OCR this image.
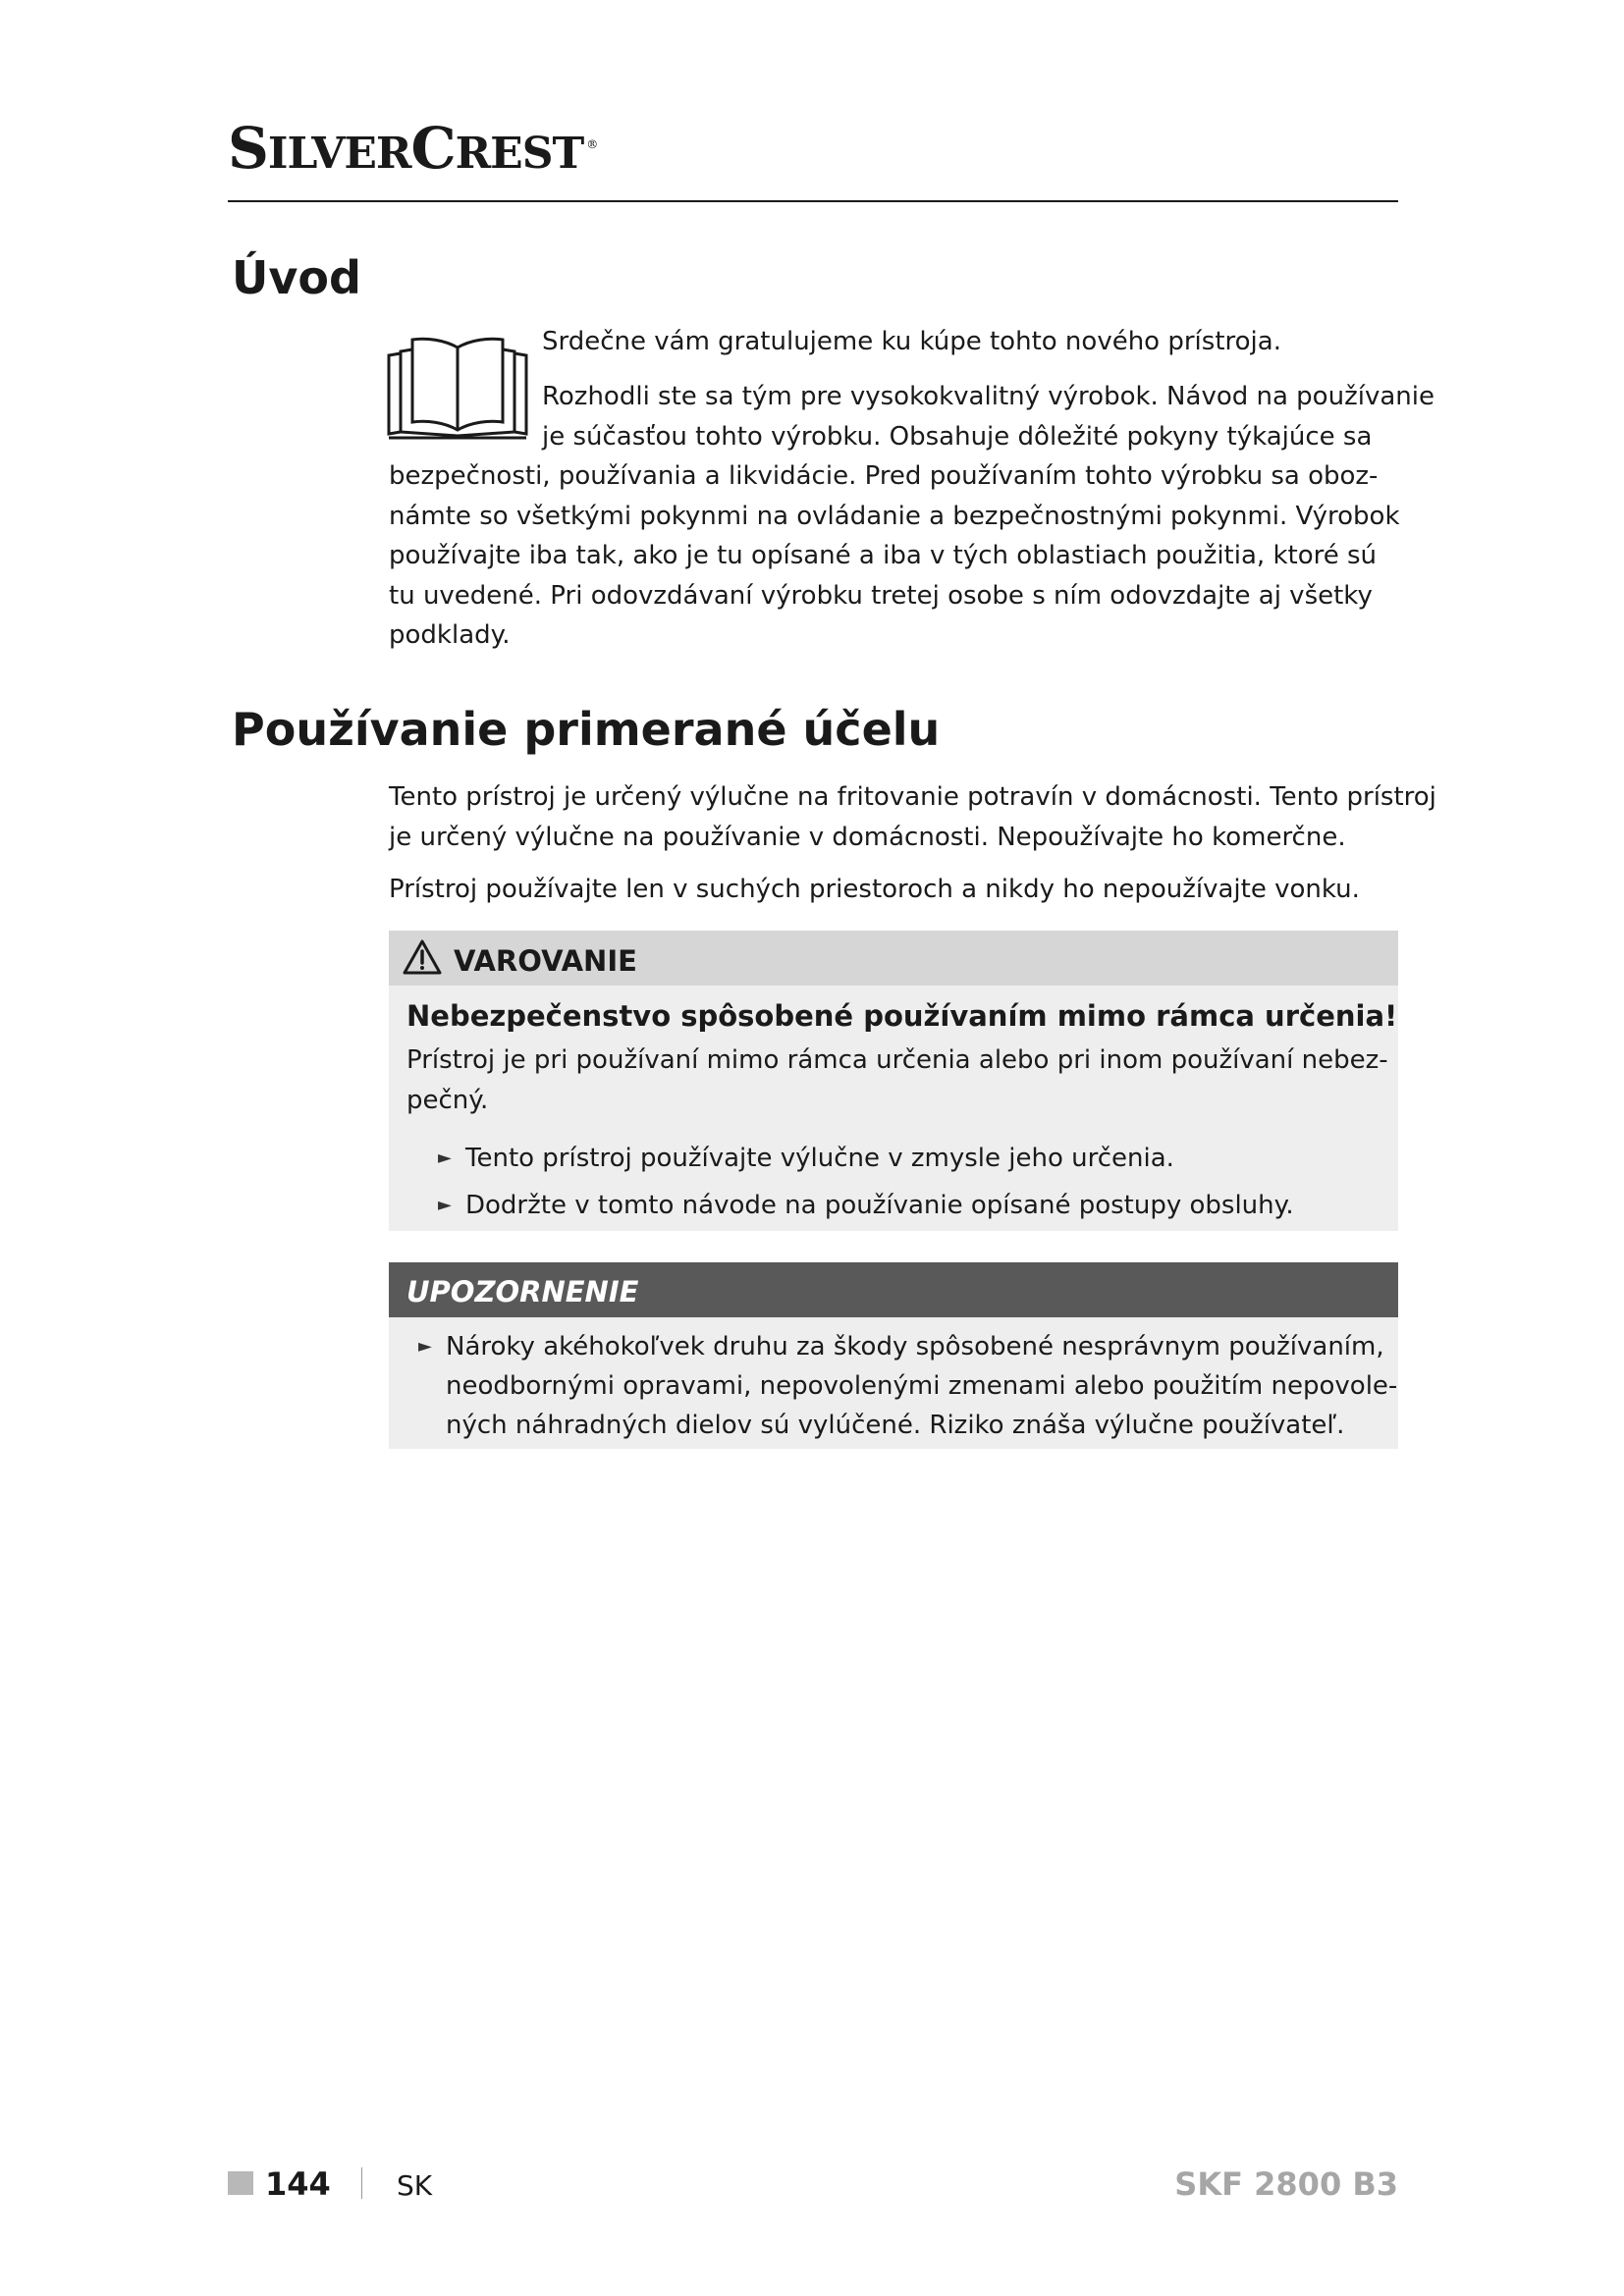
SILVERCREST ®
Úvod
Srdečne vám gratulujeme ku kúpe tohto nového prístroja.
Rozhodli ste sa tým pre vysokokvalitný výrobok. Návod na používanie
je súčasťou tohto výrobku. Obsahuje dôležité pokyny týkajúce sa
bezpečnosti, používania a likvidácie. Pred používaním tohto výrobku sa oboz-
námte so všetkými pokynmi na ovládanie a bezpečnostnými pokynmi. Výrobok
používajte iba tak, ako je tu opísané a iba v tých oblastiach použitia, ktoré sú
tu uvedené. Pri odovzdávaní výrobku tretej osobe s ním odovzdajte aj všetky
podklady.
Používanie primerané účelu
Tento prístroj je určený výlučne na fritovanie potravín v domácnosti. Tento prístroj
je určený výlučne na používanie v domácnosti. Nepoužívajte ho komerčne.
Prístroj používajte len v suchých priestoroch a nikdy ho nepoužívajte vonku.
VAROVANIE
Nebezpečenstvo spôsobené používaním mimo rámca určenia!
Prístroj je pri používaní mimo rámca určenia alebo pri inom používaní nebez-
pečný.
► Tento prístroj používajte výlučne v zmysle jeho určenia.
► Dodržte v tomto návode na používanie opísané postupy obsluhy.
UPOZORNENIE
► Nároky akéhokoľvek druhu za škody spôsobené nesprávnym používaním,
neodbornými opravami, nepovolenými zmenami alebo použitím nepovole-
ných náhradných dielov sú vylúčené. Riziko znáša výlučne používateľ.
144 SK	SKF 2800 B3
